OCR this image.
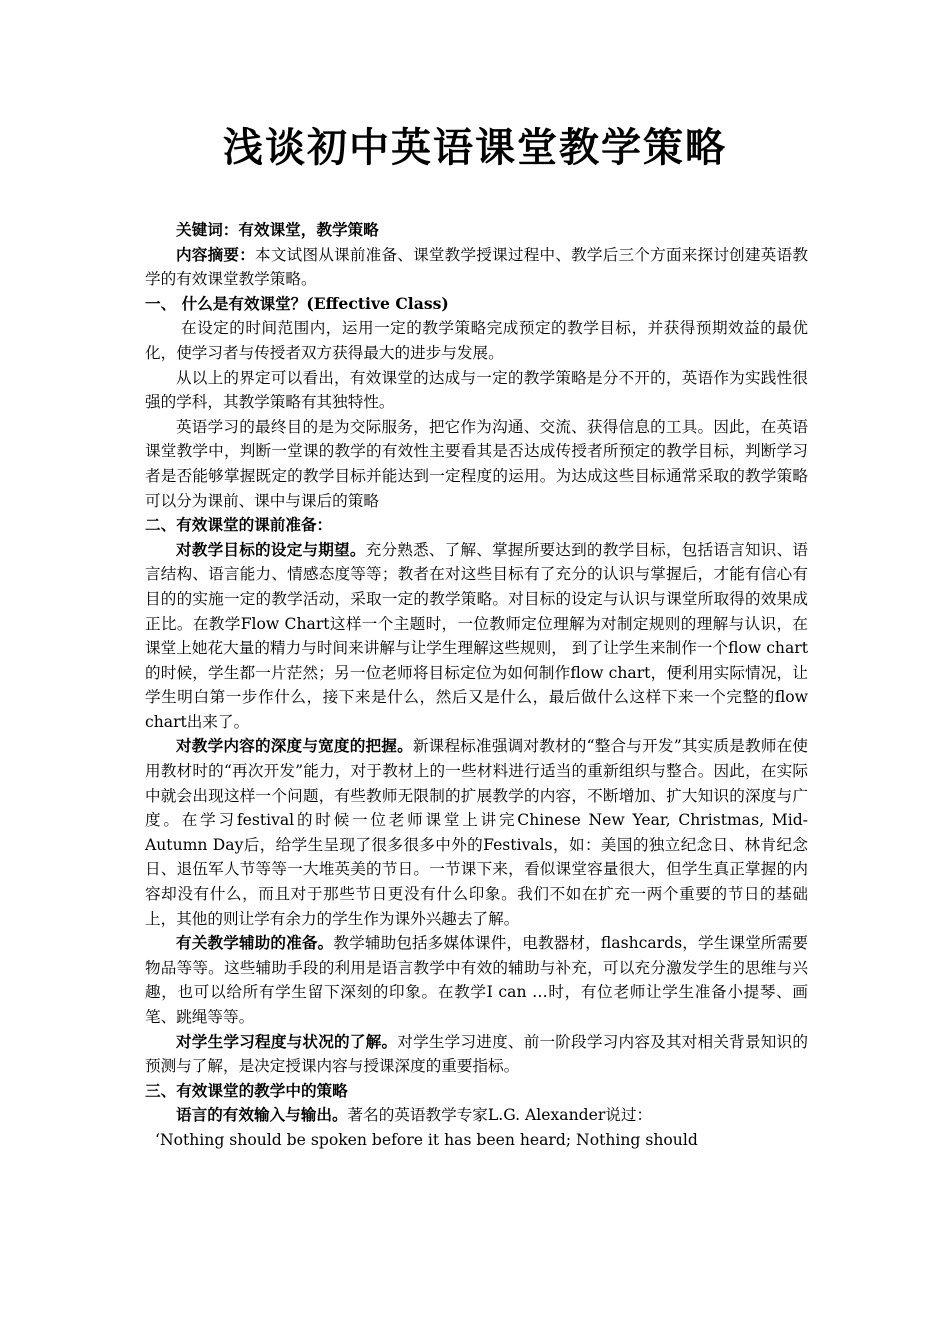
浅谈初中英语课堂教学策略

关键词：有效课堂，教学策略

内容摘要：本文试图从课前准备、课堂教学授课过程中、教学后三个方面来探讨创建英语教学的有效课堂教学策略。

一、 什么是有效课堂？(Effective Class)

在设定的时间范围内，运用一定的教学策略完成预定的教学目标，并获得预期效益的最优化，使学习者与传授者双方获得最大的进步与发展。

从以上的界定可以看出，有效课堂的达成与一定的教学策略是分不开的，英语作为实践性很强的学科，其教学策略有其独特性。

英语学习的最终目的是为交际服务，把它作为沟通、交流、获得信息的工具。因此，在英语课堂教学中，判断一堂课的教学的有效性主要看其是否达成传授者所预定的教学目标，判断学习者是否能够掌握既定的教学目标并能达到一定程度的运用。为达成这些目标通常采取的教学策略可以分为课前、课中与课后的策略

二、有效课堂的课前准备：

对教学目标的设定与期望。充分熟悉、了解、掌握所要达到的教学目标，包括语言知识、语言结构、语言能力、情感态度等等；教者在对这些目标有了充分的认识与掌握后，才能有信心有目的的实施一定的教学活动，采取一定的教学策略。对目标的设定与认识与课堂所取得的效果成正比。在教学Flow Chart这样一个主题时，一位教师定位理解为对制定规则的理解与认识，在课堂上她花大量的精力与时间来讲解与让学生理解这些规则， 到了让学生来制作一个flow chart的时候，学生都一片茫然；另一位老师将目标定位为如何制作flow chart，便利用实际情况，让学生明白第一步作什么，接下来是什么，然后又是什么，最后做什么这样下来一个完整的flow chart出来了。

对教学内容的深度与宽度的把握。新课程标准强调对教材的“整合与开发”其实质是教师在使用教材时的“再次开发”能力，对于教材上的一些材料进行适当的重新组织与整合。因此，在实际中就会出现这样一个问题，有些教师无限制的扩展教学的内容，不断增加、扩大知识的深度与广度。在学习festival的时候一位老师课堂上讲完Chinese New Year, Christmas, Mid-Autumn Day后，给学生呈现了很多很多中外的Festivals，如：美国的独立纪念日、林肯纪念日、退伍军人节等等一大堆英美的节日。一节课下来，看似课堂容量很大，但学生真正掌握的内容却没有什么，而且对于那些节日更没有什么印象。我们不如在扩充一两个重要的节日的基础上，其他的则让学有余力的学生作为课外兴趣去了解。

有关教学辅助的准备。教学辅助包括多媒体课件，电教器材，flashcards，学生课堂所需要物品等等。这些辅助手段的利用是语言教学中有效的辅助与补充，可以充分激发学生的思维与兴趣，也可以给所有学生留下深刻的印象。在教学I can …时，有位老师让学生准备小提琴、画笔、跳绳等等。

对学生学习程度与状况的了解。对学生学习进度、前一阶段学习内容及其对相关背景知识的预测与了解，是决定授课内容与授课深度的重要指标。

三、有效课堂的教学中的策略

语言的有效输入与输出。著名的英语教学专家L.G. Alexander说过：

‘Nothing should be spoken before it has been heard; Nothing should
